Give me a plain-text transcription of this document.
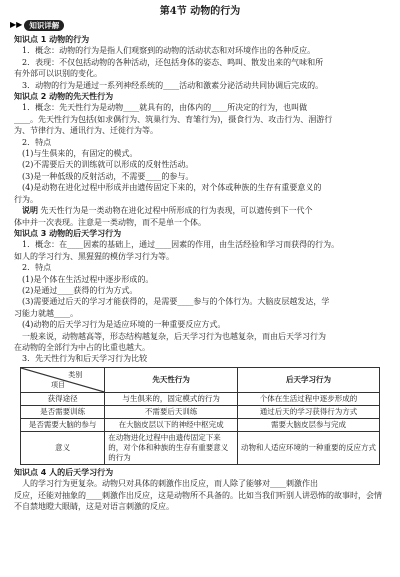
第4节 动物的行为
▶▶ 知识详解

知识点 1 动物的行为

1．概念：动物的行为是指人们观察到的动物的活动状态和对环境作出的各种反应。

2．表现：不仅包括动物的各种活动，还包括身体的姿态、鸣叫、散发出来的气味和所

有外部可以识别的变化。

3．动物的行为是通过一系列神经系统的____活动和激素分泌活动共同协调后完成的。

知识点 2 动物的先天性行为

1．概念：先天性行为是动物____就具有的，由体内的____所决定的行为，也叫做

____。先天性行为包括(如求偶行为、筑巢行为、育雏行为)，摄食行为、攻击行为、洄游行

为、节律行为、通讯行为、迁徙行为等。

2．特点

(1)与生俱来的，有固定的模式。

(2)不需要后天的训练就可以形成的反射性活动。

(3)是一种低级的反射活动，不需要____的参与。

(4)是动物在进化过程中形成并由遗传固定下来的，对个体或种族的生存有重要意义的

行为。

说明 先天性行为是一类动物在进化过程中所形成的行为表现，可以遗传到下一代个

体中并一次表现。注意是一类动物，而不是单一个体。

知识点 3 动物的后天学习行为

1．概念：在____因素的基础上，通过____因素的作用，由生活经验和学习而获得的行为。

如人的学习行为、黑猩猩的模仿学习行为等。

2．特点

(1)是个体在生活过程中逐步形成的。

(2)是通过____获得的行为方式。

(3)需要通过后天的学习才能获得的，是需要____参与的个体行为。大脑皮层越发达，学

习能力就越____。

(4)动物的后天学习行为是适应环境的一种重要反应方式。

一般来说，动物越高等，形态结构越复杂，后天学习行为也越复杂，而由后天学习行为

在动物的全部行为中占的比重也越大。

3．先天性行为和后天学习行为比较

类别
项目	先天性行为	后天学习行为
获得途径	与生俱来的，固定模式的行为	个体在生活过程中逐步形成的
是否需要训练	不需要后天训练	通过后天的学习获得行为方式
是否需要大脑的参与	在大脑皮层以下的神经中枢完成	需要大脑皮层参与完成
意义	在动物进化过程中由遗传固定下来的，对个体和种族的生存有重要意义的行为	动物和人适应环境的一种重要的反应方式

知识点 4 人的后天学习行为

人的学习行为更复杂。动物只对具体的刺激作出反应，而人除了能够对____刺激作出

反应，还能对抽象的____刺激作出反应，这是动物所不具备的。比如当我们听别人讲恐怖的故事时，会情不自禁地瞪大眼睛，这是对语言刺激的反应。
